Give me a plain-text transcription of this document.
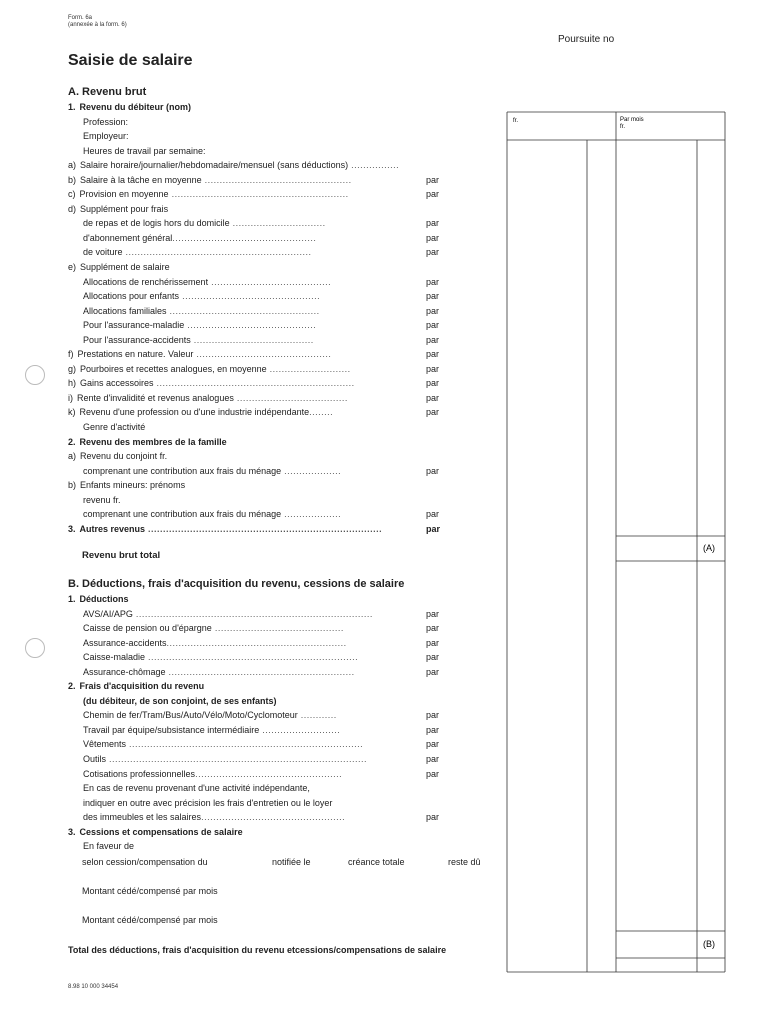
Form. 6a
(annexée à la form. 6)
Poursuite no
Saisie de salaire
A. Revenu brut
1. Revenu du débiteur (nom)
Profession:
Employeur:
Heures de travail par semaine:
a) Salaire horaire/journalier/hebdomadaire/mensuel (sans déductions) ................
b) Salaire à la tâche en moyenne .................................................	par
c) Provision en moyenne ...........................................................	par
d) Supplément pour frais
de repas et de logis hors du domicile ...............................	par
d'abonnement général................................................	par
de voiture ..............................................................	par
e) Supplément de salaire
Allocations de renchérissement ........................................	par
Allocations pour enfants ..............................................	par
Allocations familiales ..................................................	par
Pour l'assurance-maladie ...........................................	par
Pour l'assurance-accidents ........................................	par
f) Prestations en nature. Valeur .............................................	par
g) Pourboires et recettes analogues, en moyenne ...........................	par
h) Gains accessoires ..................................................................	par
i) Rente d'invalidité et revenus analogues .....................................	par
k) Revenu d'une profession ou d'une industrie indépendante........	par
Genre d'activité
2. Revenu des membres de la famille
a) Revenu du conjoint fr.
comprenant une contribution aux frais du ménage ...................	par
b) Enfants mineurs: prénoms
revenu fr.
comprenant une contribution aux frais du ménage ...................	par
3. Autres revenus ..............................................................................	par
Revenu brut total
B. Déductions, frais d'acquisition du revenu, cessions de salaire
1. Déductions
AVS/AI/APG ...............................................................................	par
Caisse de pension ou d'épargne ...........................................	par
Assurance-accidents............................................................	par
Caisse-maladie ......................................................................	par
Assurance-chômage ..............................................................	par
2. Frais d'acquisition du revenu
(du débiteur, de son conjoint, de ses enfants)
Chemin de fer/Tram/Bus/Auto/Vélo/Moto/Cyclomoteur ............	par
Travail par équipe/subsistance intermédiaire ..........................	par
Vêtements ..............................................................................	par
Outils ......................................................................................	par
Cotisations professionnelles.................................................	par
En cas de revenu provenant d'une activité indépendante,
indiquer en outre avec précision les frais d'entretien ou le loyer
des immeubles et les salaires................................................	par
3. Cessions et compensations de salaire
En faveur de
selon cession/compensation du	notifiée le	créance totale	reste dû
Montant cédé/compensé par mois
Montant cédé/compensé par mois
Total des déductions, frais d'acquisition du revenu etcessions/compensations de salaire
8.98 10 000 34454
fr.	Par mois
fr.
(A)
(B)
